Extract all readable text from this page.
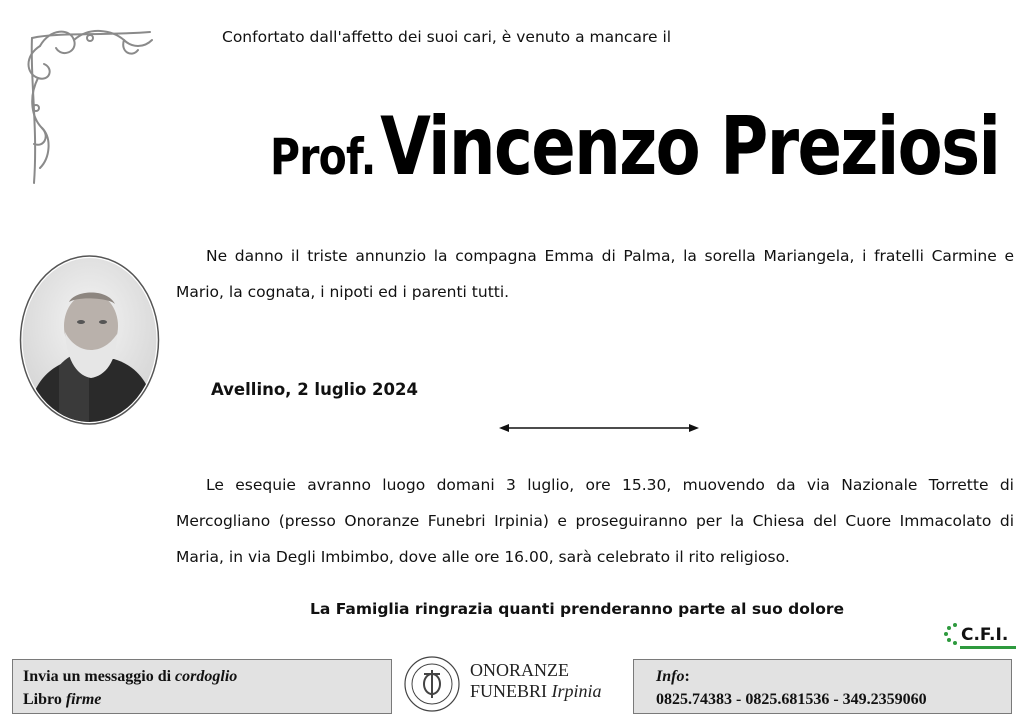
Confortato dall'affetto dei suoi cari, è venuto a mancare il
Prof. Vincenzo Preziosi
Ne danno il triste annunzio la compagna Emma di Palma, la sorella Mariangela, i fratelli Carmine e Mario, la cognata, i nipoti ed i parenti tutti.
Avellino, 2 luglio 2024
Le esequie avranno luogo domani 3 luglio, ore 15.30, muovendo da via Nazionale Torrette di Mercogliano (presso Onoranze Funebri Irpinia) e proseguiranno per la Chiesa del Cuore Immacolato di Maria, in via Degli Imbimbo, dove alle ore 16.00, sarà celebrato il rito religioso.
La Famiglia ringrazia quanti prenderanno parte al suo dolore
C.F.I.
Invia un messaggio di cordoglio
Libro firme
ONORANZE
FUNEBRI Irpinia
Info:
0825.74383 - 0825.681536 - 349.2359060
